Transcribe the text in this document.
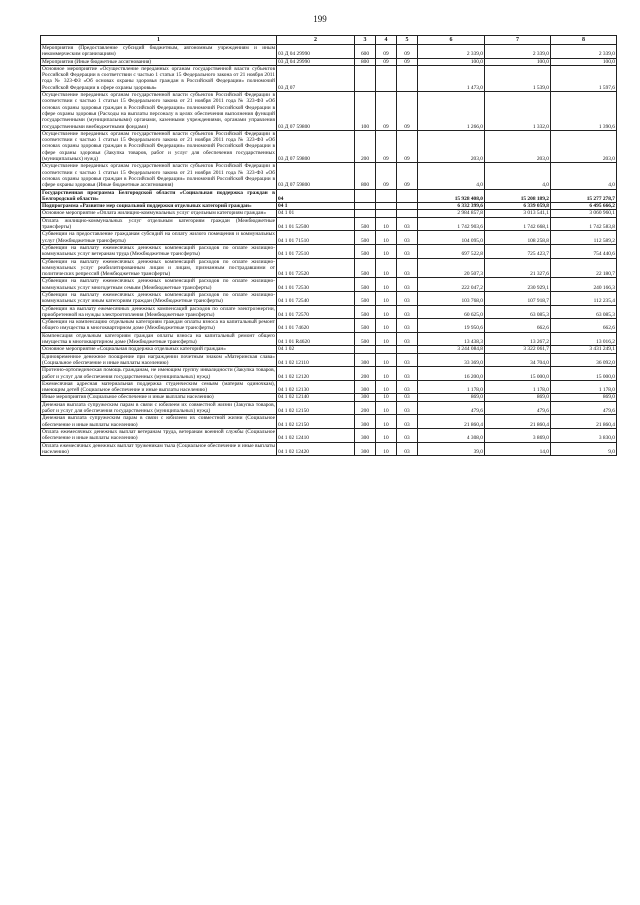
199
1	2	3	4	5	6	7	8
Мероприятия (Предоставление субсидий бюджетным, автономным учреждениям и иным некоммерческим организациям)	03 Д 04 29990	600	09	09	2 339,0	2 339,0	2 339,0
Мероприятия (Иные бюджетные ассигнования)	03 Д 04 29990	800	09	09	100,0	100,0	100,0
Основное мероприятие «Осуществление переданных органам государственной власти субъектов Российской Федерации в соответствии с частью 1 статьи 15 Федерального закона от 21 ноября 2011 года № 323-ФЗ «Об основах охраны здоровья граждан в Российской Федерации» полномочий Российской Федерации в сфере охраны здоровья»	03 Д 07				1 473,0	1 539,0	1 597,6
Осуществление переданных органам государственной власти субъектов Российской Федерации в соответствии с частью 1 статьи 15 Федерального закона от 21 ноября 2011 года № 323-ФЗ «Об основах охраны здоровья граждан в Российской Федерации» полномочий Российской Федерации в сфере охраны здоровья (Расходы на выплаты персоналу в целях обеспечения выполнения функций государственными (муниципальными) органами, казенными учреждениями, органами управления государственными внебюджетными фондами)	03 Д 07 59800	100	09	09	1 266,0	1 332,0	1 390,6
Осуществление переданных органам государственной власти субъектов Российской Федерации в соответствии с частью 1 статьи 15 Федерального закона от 21 ноября 2011 года № 323-ФЗ «Об основах охраны здоровья граждан в Российской Федерации» полномочий Российской Федерации в сфере охраны здоровья (Закупка товаров, работ и услуг для обеспечения государственных (муниципальных) нужд)	03 Д 07 59800	200	09	09	203,0	203,0	203,0
Осуществление переданных органам государственной власти субъектов Российской Федерации в соответствии с частью 1 статьи 15 Федерального закона от 21 ноября 2011 года № 323-ФЗ «Об основах охраны здоровья граждан в Российской Федерации» полномочий Российской Федерации в сфере охраны здоровья (Иные бюджетные ассигнования)	03 Д 07 59800	800	09	09	4,0	4,0	4,0
Государственная программа Белгородской области «Социальная поддержка граждан в Белгородской области»	04				15 928 408,0	15 208 189,2	15 277 278,7
Подпрограмма «Развитие мер социальной поддержки отдельных категорий граждан»	04 1				6 332 399,6	6 339 059,8	6 495 666,2
Основное мероприятие «Оплата жилищно-коммунальных услуг отдельным категориям граждан»	04 1 01				2 984 857,8	3 013 541,1	3 060 960,1
Оплата жилищно-коммунальных услуг отдельным категориям граждан (Межбюджетные трансферты)	04 1 01 52500	500	10	03	1 742 903,6	1 742 668,1	1 742 583,8
Субвенции на предоставление гражданам субсидий на оплату жилого помещения и коммунальных услуг (Межбюджетные трансферты)	04 1 01 71510	500	10	03	104 095,0	108 258,8	112 589,2
Субвенции на выплату ежемесячных денежных компенсаций расходов по оплате жилищно-коммунальных услуг ветеранам труда (Межбюджетные трансферты)	04 1 01 72510	500	10	03	697 522,8	725 423,7	754 440,6
Субвенции на выплату ежемесячных денежных компенсаций расходов по оплате жилищно-коммунальных услуг реабилитированным лицам и лицам, признанным пострадавшими от политических репрессий (Межбюджетные трансферты)	04 1 01 72520	500	10	03	20 507,3	21 327,6	22 180,7
Субвенции на выплату ежемесячных денежных компенсаций расходов по оплате жилищно-коммунальных услуг многодетным семьям (Межбюджетные трансферты)	04 1 01 72530	500	10	03	222 047,2	230 929,1	240 166,3
Субвенции на выплату ежемесячных денежных компенсаций расходов по оплате жилищно-коммунальных услуг иным категориям граждан (Межбюджетные трансферты)	04 1 01 72540	500	10	03	103 768,0	107 918,7	112 235,4
Субвенции на выплату ежемесячных денежных компенсаций расходов по оплате электроэнергии, приобретенной на нужды электроотопления (Межбюджетные трансферты)	04 1 01 72570	500	10	03	60 625,0	63 085,3	63 085,3
Субвенции на компенсацию отдельным категориям граждан оплаты взноса на капитальный ремонт общего имущества в многоквартирном доме (Межбюджетные трансферты)	04 1 01 74620	500	10	03	19 950,6	662,6	662,6
Компенсация отдельным категориям граждан оплаты взноса на капитальный ремонт общего имущества в многоквартирном доме (Межбюджетные трансферты)	04 1 01 R4620	500	10	03	13 438,3	13 267,2	13 016,2
Основное мероприятие «Социальная поддержка отдельных категорий граждан»	04 1 02				3 244 084,8	3 322 061,7	3 431 249,1
Единовременное денежное поощрение при награждении почетным знаком «Материнская слава» (Социальное обеспечение и иные выплаты населению)	04 1 02 12110	300	10	03	33 369,0	34 704,0	36 092,0
Протезно-ортопедическая помощь гражданам, не имеющим группу инвалидности (Закупка товаров, работ и услуг для обеспечения государственных (муниципальных) нужд)	04 1 02 12120	200	10	03	16 200,0	15 000,0	15 000,0
Ежемесячная адресная материальная поддержка студенческим семьям (матерям одиночкам), имеющим детей (Социальное обеспечение и иные выплаты населению)	04 1 02 12130	300	10	03	1 178,0	1 178,0	1 178,0
Иные мероприятия (Социальное обеспечение и иные выплаты населению)	04 1 02 12140	300	10	03	869,0	869,0	869,0
Денежная выплата супружеским парам в связи с юбилеем их совместной жизни (Закупка товаров, работ и услуг для обеспечения государственных (муниципальных) нужд)	04 1 02 12150	200	10	03	479,6	479,6	479,6
Денежная выплата супружеским парам в связи с юбилеем их совместной жизни (Социальное обеспечение и иные выплаты населению)	04 1 02 12150	300	10	03	21 860,4	21 860,4	21 860,4
Оплата ежемесячных денежных выплат ветеранам труда, ветеранам военной службы (Социальное обеспечение и иные выплаты населению)	04 1 02 12410	300	10	03	4 308,0	3 869,0	3 830,0
Оплата ежемесячных денежных выплат труженикам тыла (Социальное обеспечение и иные выплаты населению)	04 1 02 12420	300	10	03	39,0	14,0	9,0
